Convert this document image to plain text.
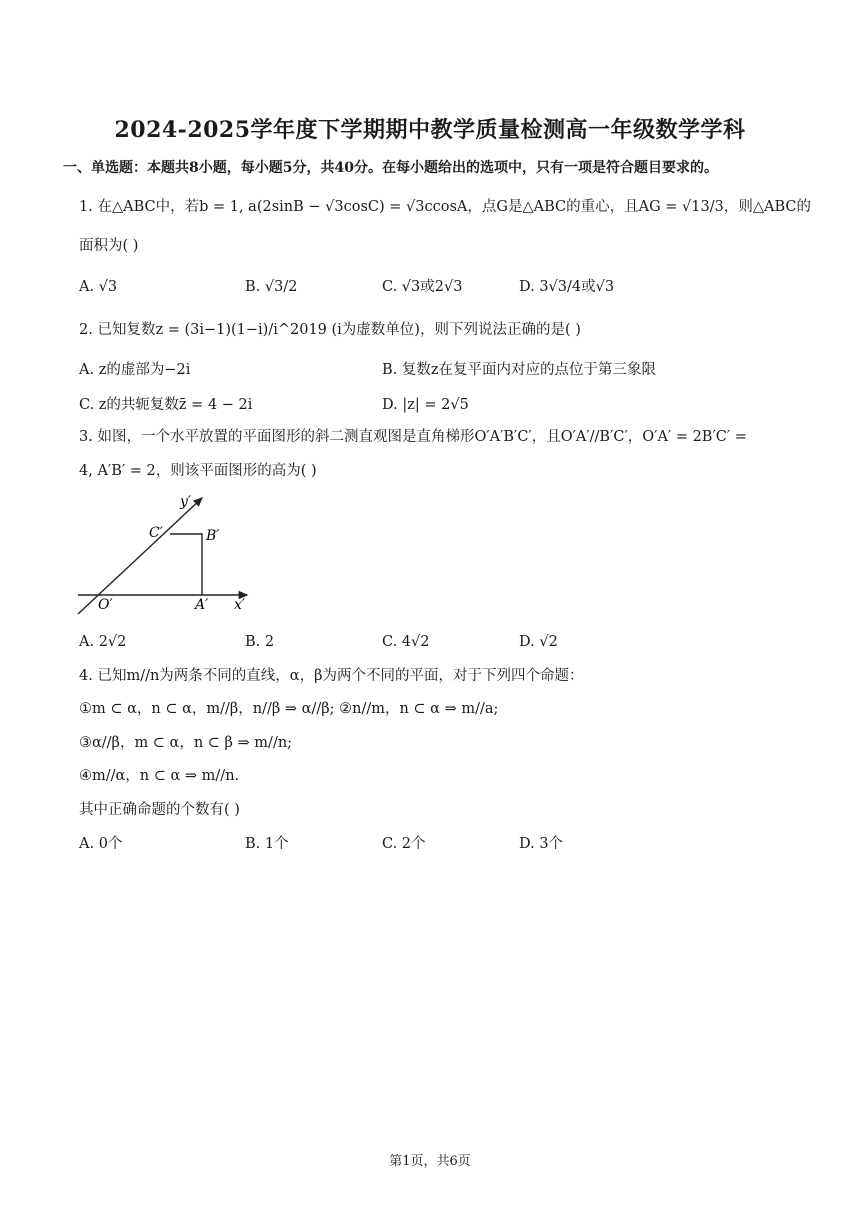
2024-2025学年度下学期期中教学质量检测高一年级数学学科
一、单选题：本题共8小题，每小题5分，共40分。在每小题给出的选项中，只有一项是符合题目要求的。
1. 在△ABC中，若b = 1, a(2sinB − √3cosC) = √3ccosA，点G是△ABC的重心，且AG = √13/3，则△ABC的
面积为( )
A. √3	B. √3/2	C. √3或2√3	D. 3√3/4或√3
2. 已知复数z = (3i−1)(1−i)/i^2019 (i为虚数单位)，则下列说法正确的是( )
A. z的虚部为−2i	B. 复数z在复平面内对应的点位于第三象限
C. z的共轭复数z̄ = 4 − 2i	D. |z| = 2√5
3. 如图，一个水平放置的平面图形的斜二测直观图是直角梯形O′A′B′C′，且O′A′//B′C′，O′A′ = 2B′C′ =
4, A′B′ = 2，则该平面图形的高为( )
y′
C′	B′
O′	A′ x′
A. 2√2	B. 2	C. 4√2	D. √2
4. 已知m//n为两条不同的直线，α，β为两个不同的平面，对于下列四个命题：
①m ⊂ α，n ⊂ α，m//β，n//β ⇒ α//β; ②n//m，n ⊂ α ⇒ m//a;
③α//β，m ⊂ α，n ⊂ β ⇒ m//n;
④m//α，n ⊂ α ⇒ m//n.
其中正确命题的个数有( )
A. 0个	B. 1个	C. 2个	D. 3个
第1页，共6页
